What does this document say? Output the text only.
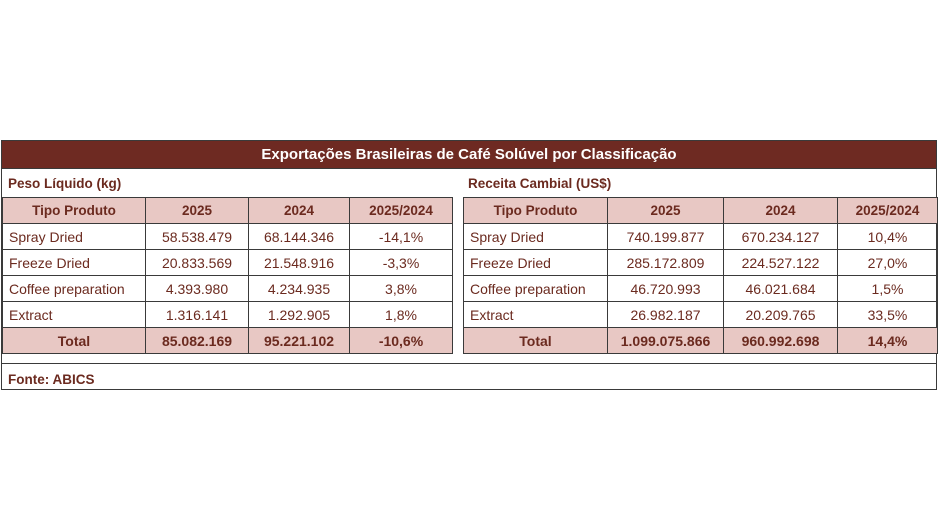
Exportações Brasileiras de Café Solúvel por Classificação
Peso Líquido (kg)	Receita Cambial (US$)
Tipo Produto	2025	2024	2025/2024
Spray Dried	58.538.479	68.144.346	-14,1%
Freeze Dried	20.833.569	21.548.916	-3,3%
Coffee preparation	4.393.980	4.234.935	3,8%
Extract	1.316.141	1.292.905	1,8%
Total	85.082.169	95.221.102	-10,6%
Tipo Produto	2025	2024	2025/2024
Spray Dried	740.199.877	670.234.127	10,4%
Freeze Dried	285.172.809	224.527.122	27,0%
Coffee preparation	46.720.993	46.021.684	1,5%
Extract	26.982.187	20.209.765	33,5%
Total	1.099.075.866	960.992.698	14,4%
Fonte: ABICS
